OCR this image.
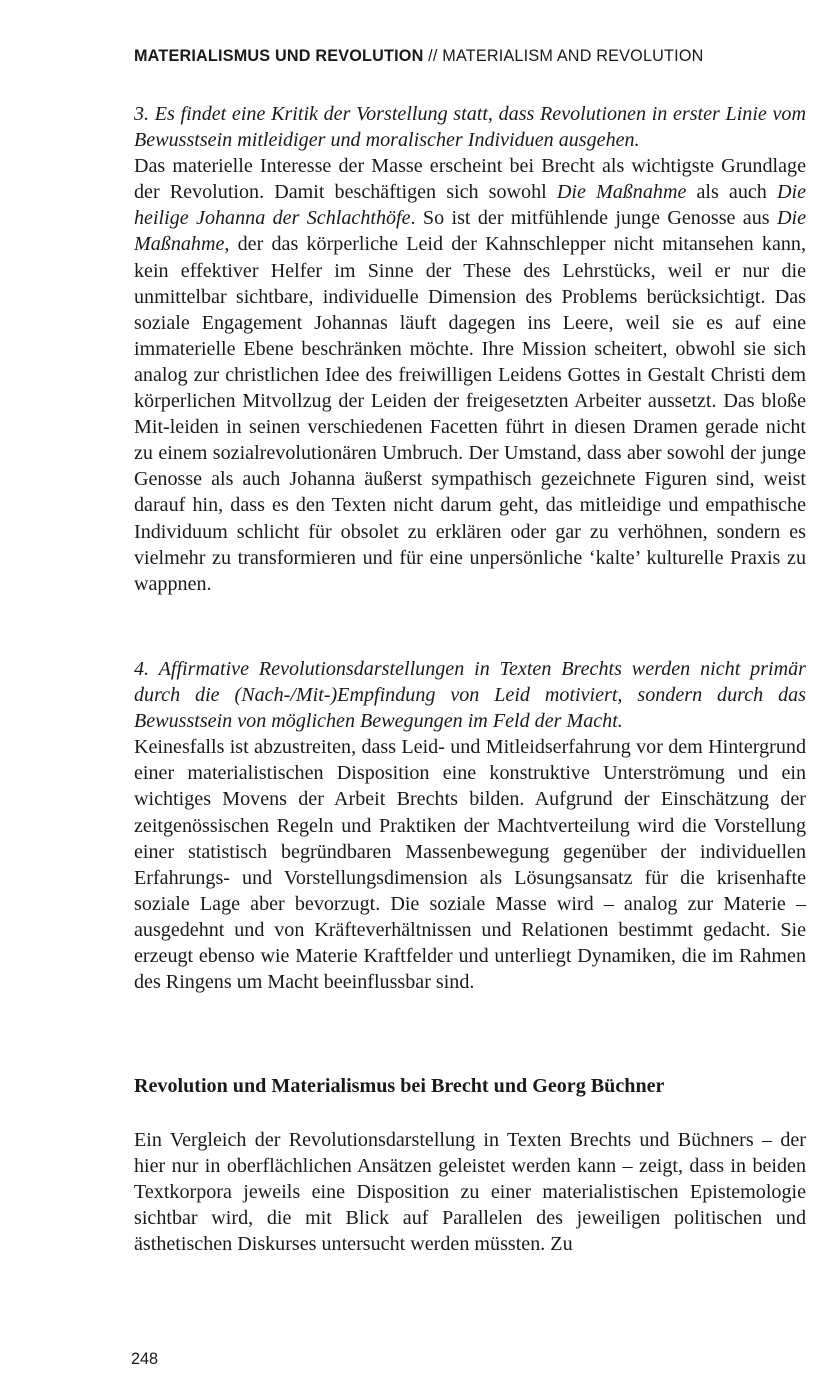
MATERIALISMUS UND REVOLUTION // MATERIALISM AND REVOLUTION

3. Es findet eine Kritik der Vorstellung statt, dass Revolutionen in erster Linie vom Bewusstsein mitleidiger und moralischer Individuen ausgehen.

Das materielle Interesse der Masse erscheint bei Brecht als wichtigste Grundlage der Revolution. Damit beschäftigen sich sowohl Die Maßnahme als auch Die heilige Johanna der Schlachthöfe. So ist der mitfühlende junge Genosse aus Die Maßnahme, der das körperliche Leid der Kahnschlepper nicht mitansehen kann, kein effektiver Helfer im Sinne der These des Lehrstücks, weil er nur die unmittelbar sichtbare, individuelle Dimension des Problems berücksichtigt. Das soziale Engagement Johannas läuft dagegen ins Leere, weil sie es auf eine immaterielle Ebene beschränken möchte. Ihre Mission scheitert, obwohl sie sich analog zur christlichen Idee des freiwilligen Leidens Gottes in Gestalt Christi dem körperlichen Mitvollzug der Leiden der freigesetzten Arbeiter aussetzt. Das bloße Mit-leiden in seinen verschiedenen Facetten führt in diesen Dramen gerade nicht zu einem sozialrevolutionären Umbruch. Der Umstand, dass aber sowohl der junge Genosse als auch Johanna äußerst sympathisch gezeichnete Figuren sind, weist darauf hin, dass es den Texten nicht darum geht, das mitleidige und empathische Individuum schlicht für obsolet zu erklären oder gar zu verhöhnen, sondern es vielmehr zu transformieren und für eine unpersönliche ‘kalte’ kulturelle Praxis zu wappnen.

4. Affirmative Revolutionsdarstellungen in Texten Brechts werden nicht primär durch die (Nach-/Mit-)Empfindung von Leid motiviert, sondern durch das Bewusstsein von möglichen Bewegungen im Feld der Macht.

Keinesfalls ist abzustreiten, dass Leid- und Mitleidserfahrung vor dem Hintergrund einer materialistischen Disposition eine konstruktive Unterströmung und ein wichtiges Movens der Arbeit Brechts bilden. Aufgrund der Einschätzung der zeitgenössischen Regeln und Praktiken der Machtverteilung wird die Vorstellung einer statistisch begründbaren Massenbewegung gegenüber der individuellen Erfahrungs- und Vorstellungsdimension als Lösungsansatz für die krisenhafte soziale Lage aber bevorzugt. Die soziale Masse wird – analog zur Materie – ausgedehnt und von Kräfteverhältnissen und Relationen bestimmt gedacht. Sie erzeugt ebenso wie Materie Kraftfelder und unterliegt Dynamiken, die im Rahmen des Ringens um Macht beeinflussbar sind.

Revolution und Materialismus bei Brecht und Georg Büchner

Ein Vergleich der Revolutionsdarstellung in Texten Brechts und Büchners – der hier nur in oberflächlichen Ansätzen geleistet werden kann – zeigt, dass in beiden Textkorpora jeweils eine Disposition zu einer materialistischen Epistemologie sichtbar wird, die mit Blick auf Parallelen des jeweiligen politischen und ästhetischen Diskurses untersucht werden müssten. Zu

248
